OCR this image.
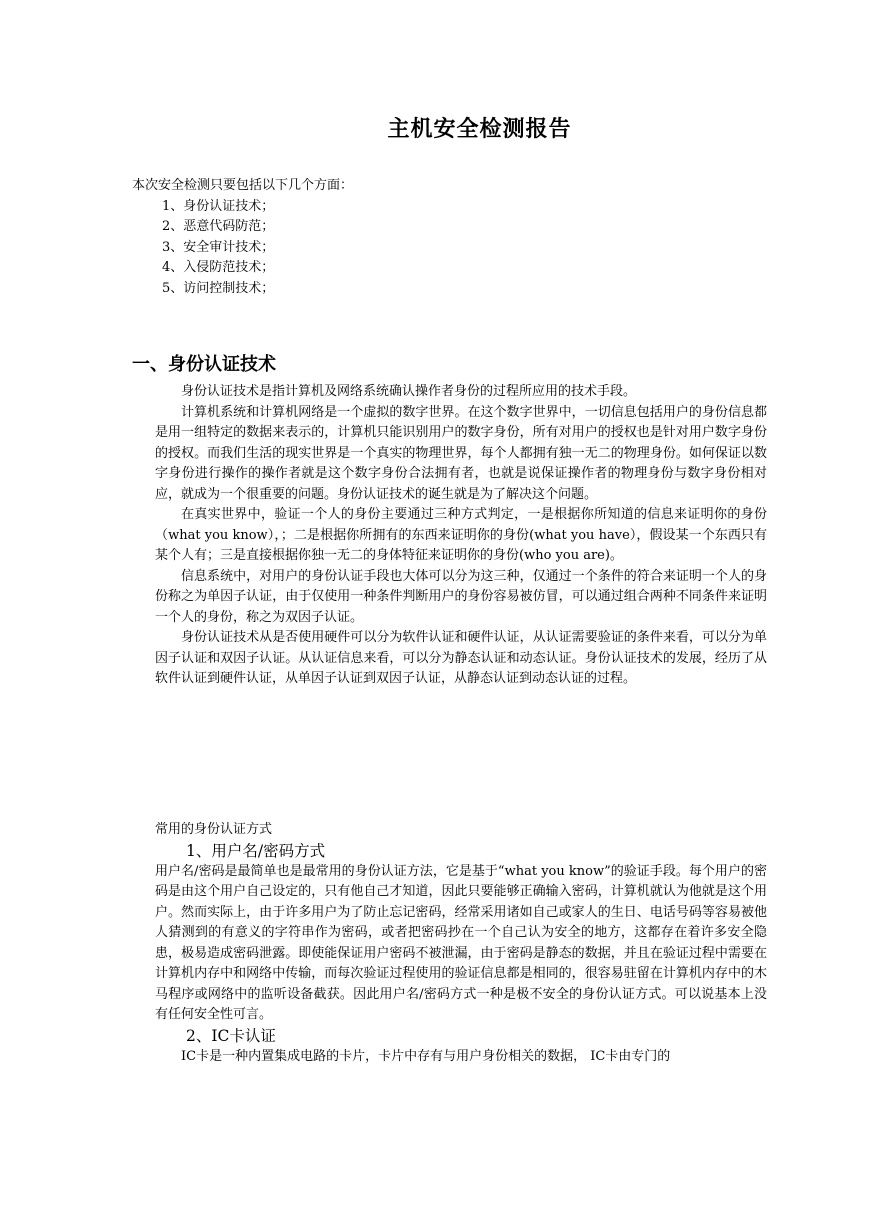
主机安全检测报告
本次安全检测只要包括以下几个方面：
1、身份认证技术；
2、恶意代码防范；
3、安全审计技术；
4、入侵防范技术；
5、访问控制技术；
一、身份认证技术

身份认证技术是指计算机及网络系统确认操作者身份的过程所应用的技术手段。

计算机系统和计算机网络是一个虚拟的数字世界。在这个数字世界中，一切信息包括用户的身份信息都是用一组特定的数据来表示的，计算机只能识别用户的数字身份，所有对用户的授权也是针对用户数字身份的授权。而我们生活的现实世界是一个真实的物理世界，每个人都拥有独一无二的物理身份。如何保证以数字身份进行操作的操作者就是这个数字身份合法拥有者，也就是说保证操作者的物理身份与数字身份相对应，就成为一个很重要的问题。身份认证技术的诞生就是为了解决这个问题。

在真实世界中，验证一个人的身份主要通过三种方式判定，一是根据你所知道的信息来证明你的身份（what you know），；二是根据你所拥有的东西来证明你的身份(what you have），假设某一个东西只有某个人有；三是直接根据你独一无二的身体特征来证明你的身份(who you are)。

信息系统中，对用户的身份认证手段也大体可以分为这三种，仅通过一个条件的符合来证明一个人的身份称之为单因子认证，由于仅使用一种条件判断用户的身份容易被仿冒，可以通过组合两种不同条件来证明一个人的身份，称之为双因子认证。

身份认证技术从是否使用硬件可以分为软件认证和硬件认证，从认证需要验证的条件来看，可以分为单因子认证和双因子认证。从认证信息来看，可以分为静态认证和动态认证。身份认证技术的发展，经历了从软件认证到硬件认证，从单因子认证到双因子认证，从静态认证到动态认证的过程。

常用的身份认证方式

1、用户名/密码方式

用户名/密码是最简单也是最常用的身份认证方法，它是基于“what you know”的验证手段。每个用户的密码是由这个用户自己设定的，只有他自己才知道，因此只要能够正确输入密码，计算机就认为他就是这个用户。然而实际上，由于许多用户为了防止忘记密码，经常采用诸如自己或家人的生日、电话号码等容易被他人猜测到的有意义的字符串作为密码，或者把密码抄在一个自己认为安全的地方，这都存在着许多安全隐患，极易造成密码泄露。即使能保证用户密码不被泄漏，由于密码是静态的数据，并且在验证过程中需要在计算机内存中和网络中传输，而每次验证过程使用的验证信息都是相同的，很容易驻留在计算机内存中的木马程序或网络中的监听设备截获。因此用户名/密码方式一种是极不安全的身份认证方式。可以说基本上没有任何安全性可言。

2、IC卡认证

IC卡是一种内置集成电路的卡片，卡片中存有与用户身份相关的数据， IC卡由专门的
